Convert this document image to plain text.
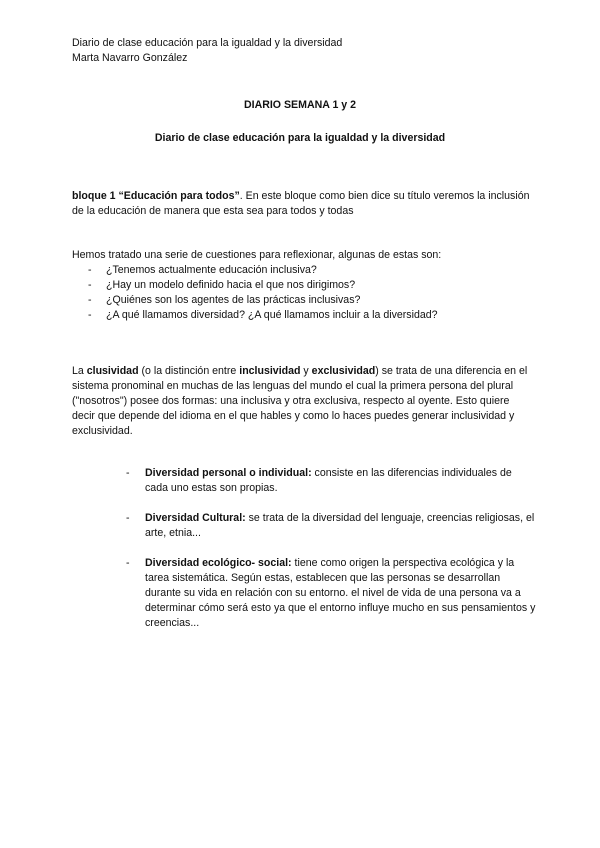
Diario de clase educación para la igualdad y la diversidad
Marta Navarro González
DIARIO SEMANA 1 y 2
Diario de clase educación para la igualdad y la diversidad
bloque 1 “Educación para todos”. En este bloque como bien dice su título veremos la inclusión de la educación de manera que esta sea para todos y todas
Hemos tratado una serie de cuestiones para reflexionar, algunas de estas son:
- ¿Tenemos actualmente educación inclusiva?
- ¿Hay un modelo definido hacia el que nos dirigimos?
- ¿Quiénes son los agentes de las prácticas inclusivas?
- ¿A qué llamamos diversidad? ¿A qué llamamos incluir a la diversidad?
La clusividad (o la distinción entre inclusividad y exclusividad) se trata de una diferencia en el sistema pronominal en muchas de las lenguas del mundo el cual la primera persona del plural ("nosotros") posee dos formas: una inclusiva y otra exclusiva, respecto al oyente. Esto quiere decir que depende del idioma en el que hables y como lo haces puedes generar inclusividad y exclusividad.
- Diversidad personal o individual: consiste en las diferencias individuales de cada uno estas son propias.
- Diversidad Cultural: se trata de la diversidad del lenguaje, creencias religiosas, el arte, etnia...
- Diversidad ecológico- social: tiene como origen la perspectiva ecológica y la tarea sistemática. Según estas, establecen que las personas se desarrollan durante su vida en relación con su entorno. el nivel de vida de una persona va a determinar cómo será esto ya que el entorno influye mucho en sus pensamientos y creencias...
